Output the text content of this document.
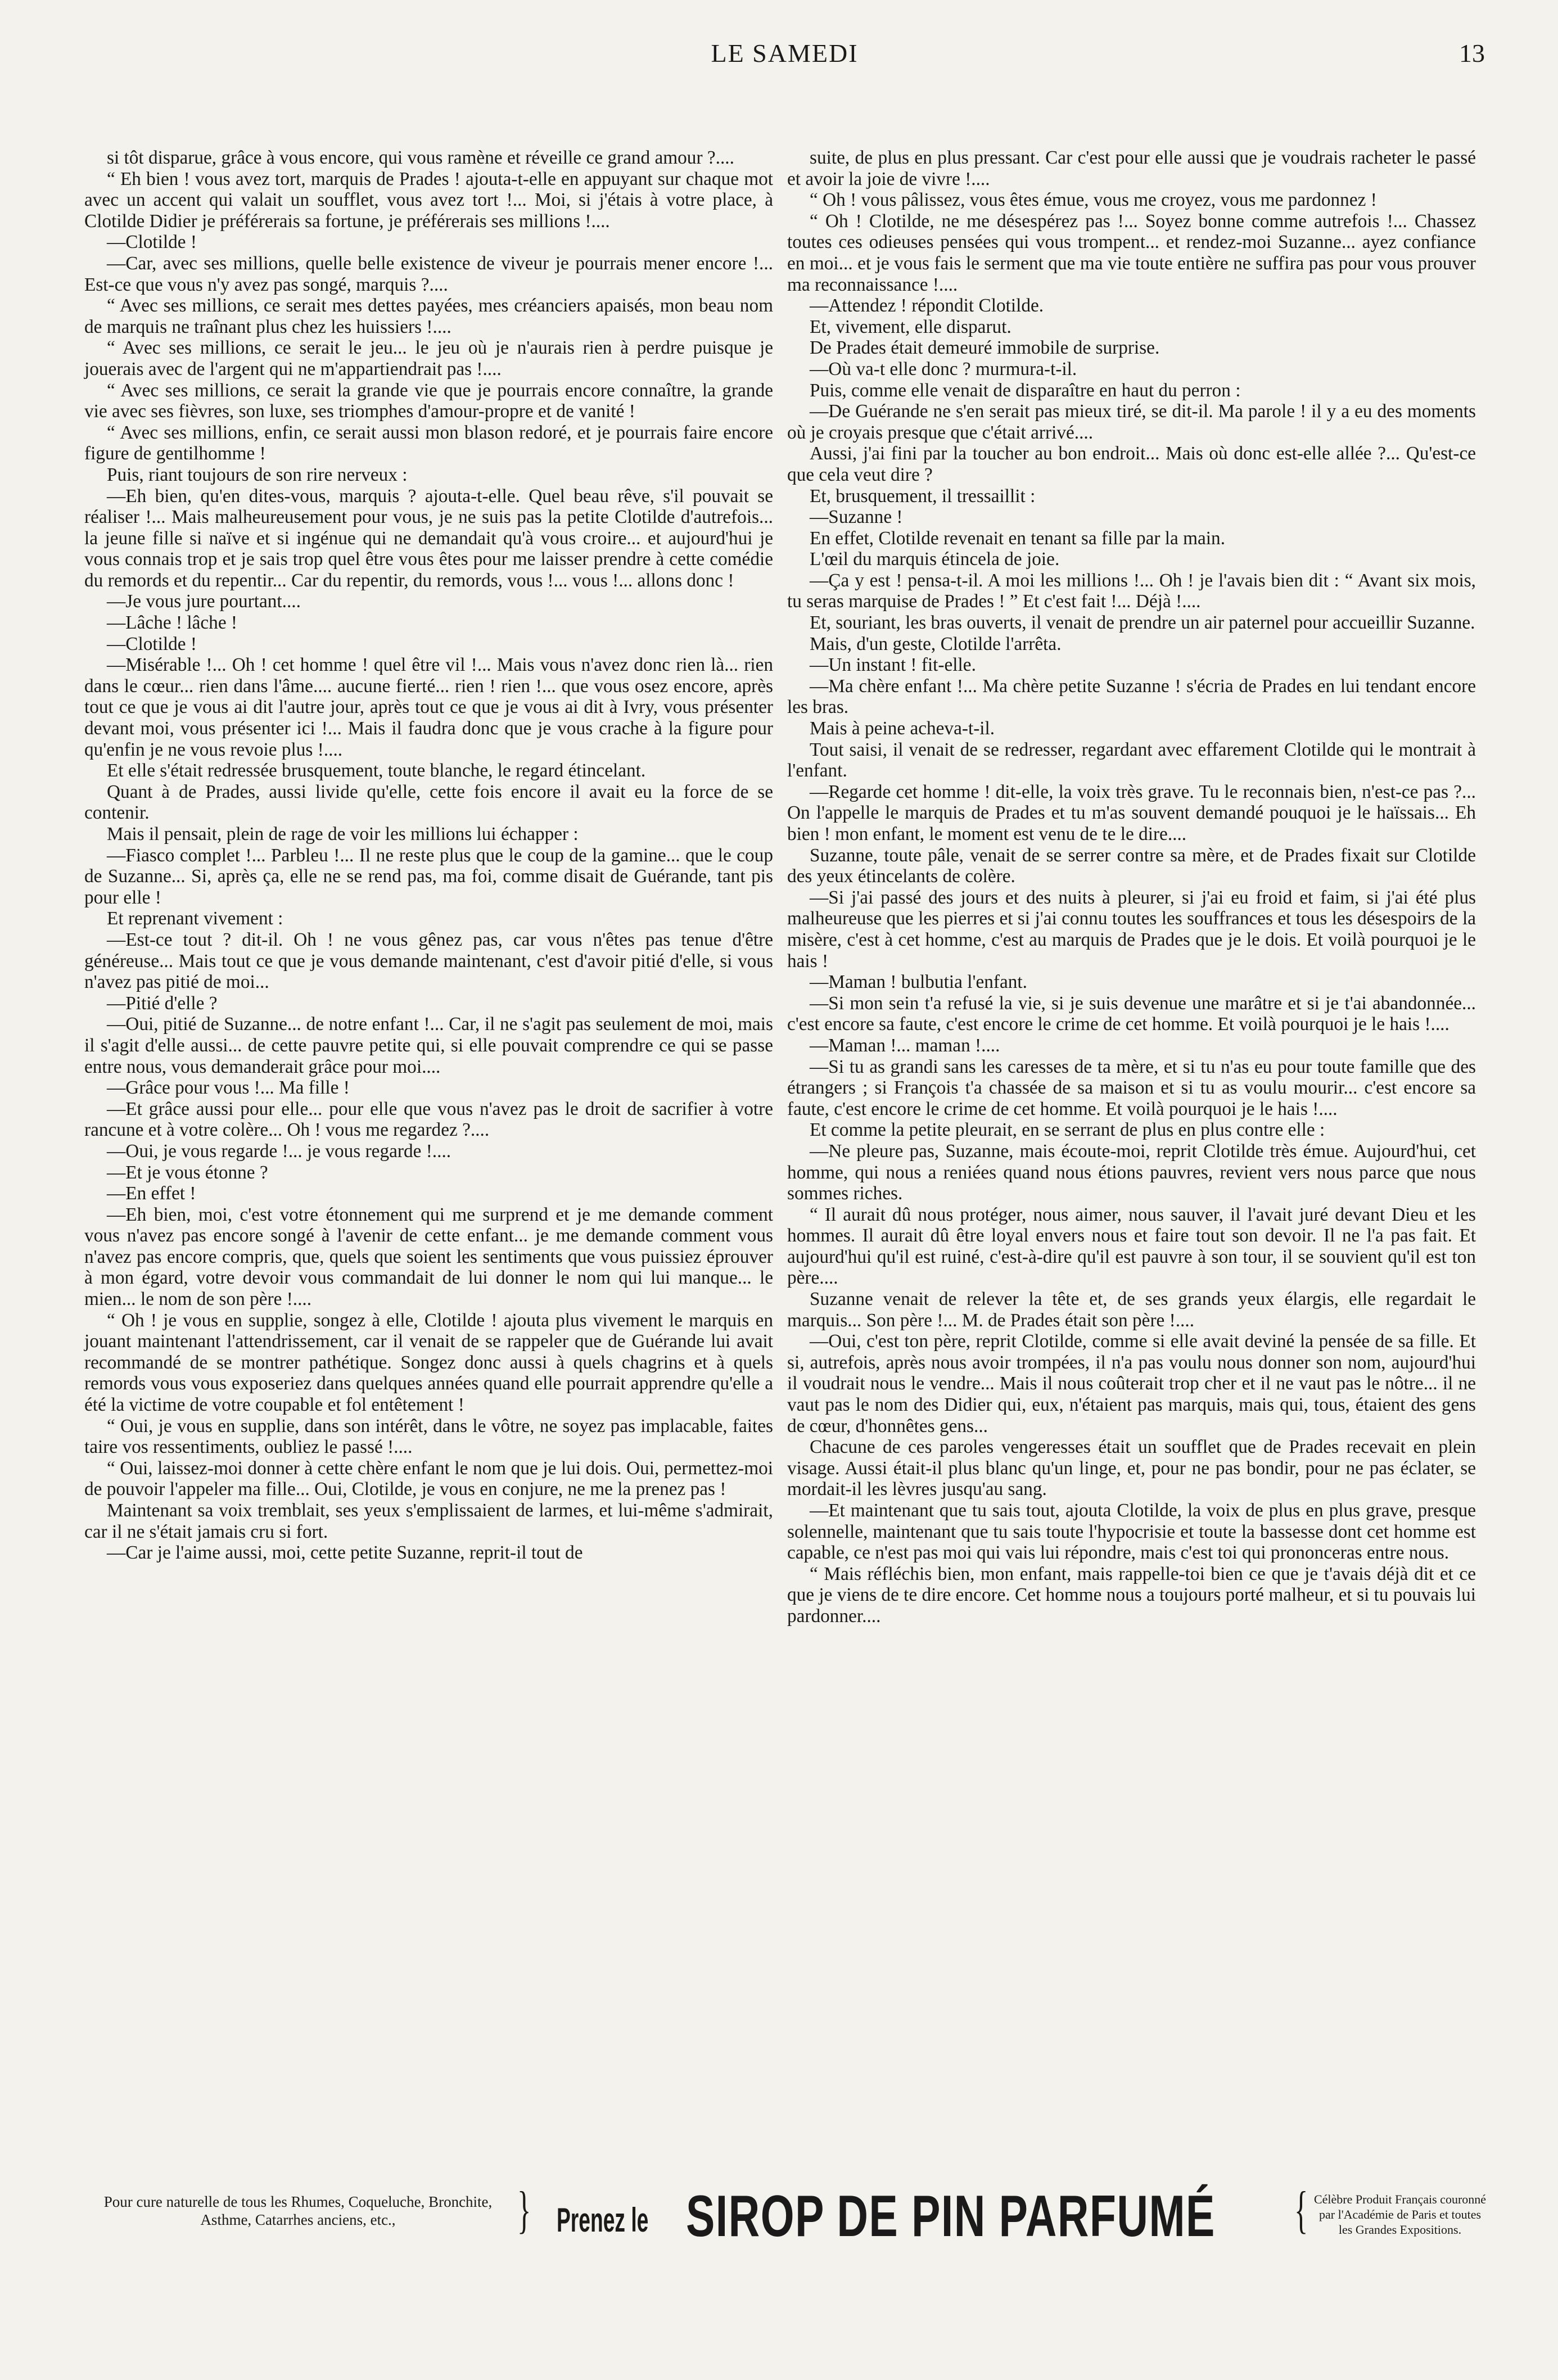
LE SAMEDI	13

si tôt disparue, grâce à vous encore, qui vous ramène et réveille ce grand amour ?....

“ Eh bien ! vous avez tort, marquis de Prades ! ajouta-t-elle en appuyant sur chaque mot avec un accent qui valait un soufflet, vous avez tort !... Moi, si j'étais à votre place, à Clotilde Didier je préférerais sa fortune, je préférerais ses millions !....

—Clotilde !

—Car, avec ses millions, quelle belle existence de viveur je pourrais mener encore !... Est-ce que vous n'y avez pas songé, marquis ?....

“ Avec ses millions, ce serait mes dettes payées, mes créanciers apaisés, mon beau nom de marquis ne traînant plus chez les huissiers !....

“ Avec ses millions, ce serait le jeu... le jeu où je n'aurais rien à perdre puisque je jouerais avec de l'argent qui ne m'appartiendrait pas !....

“ Avec ses millions, ce serait la grande vie que je pourrais encore connaître, la grande vie avec ses fièvres, son luxe, ses triomphes d'amour-propre et de vanité !

“ Avec ses millions, enfin, ce serait aussi mon blason redoré, et je pourrais faire encore figure de gentilhomme !

Puis, riant toujours de son rire nerveux :

—Eh bien, qu'en dites-vous, marquis ? ajouta-t-elle. Quel beau rêve, s'il pouvait se réaliser !... Mais malheureusement pour vous, je ne suis pas la petite Clotilde d'autrefois... la jeune fille si naïve et si ingénue qui ne demandait qu'à vous croire... et aujourd'hui je vous connais trop et je sais trop quel être vous êtes pour me laisser prendre à cette comédie du remords et du repentir... Car du repentir, du remords, vous !... vous !... allons donc !

—Je vous jure pourtant....

—Lâche ! lâche !

—Clotilde !

—Misérable !... Oh ! cet homme ! quel être vil !... Mais vous n'avez donc rien là... rien dans le cœur... rien dans l'âme.... aucune fierté... rien ! rien !... que vous osez encore, après tout ce que je vous ai dit l'autre jour, après tout ce que je vous ai dit à Ivry, vous présenter devant moi, vous présenter ici !... Mais il faudra donc que je vous crache à la figure pour qu'enfin je ne vous revoie plus !....

Et elle s'était redressée brusquement, toute blanche, le regard étincelant.

Quant à de Prades, aussi livide qu'elle, cette fois encore il avait eu la force de se contenir.

Mais il pensait, plein de rage de voir les millions lui échapper :

—Fiasco complet !... Parbleu !... Il ne reste plus que le coup de la gamine... que le coup de Suzanne... Si, après ça, elle ne se rend pas, ma foi, comme disait de Guérande, tant pis pour elle !

Et reprenant vivement :

—Est-ce tout ? dit-il. Oh ! ne vous gênez pas, car vous n'êtes pas tenue d'être généreuse... Mais tout ce que je vous demande maintenant, c'est d'avoir pitié d'elle, si vous n'avez pas pitié de moi...

—Pitié d'elle ?

—Oui, pitié de Suzanne... de notre enfant !... Car, il ne s'agit pas seulement de moi, mais il s'agit d'elle aussi... de cette pauvre petite qui, si elle pouvait comprendre ce qui se passe entre nous, vous demanderait grâce pour moi....

—Grâce pour vous !... Ma fille !

—Et grâce aussi pour elle... pour elle que vous n'avez pas le droit de sacrifier à votre rancune et à votre colère... Oh ! vous me regardez ?....

—Oui, je vous regarde !... je vous regarde !....

—Et je vous étonne ?

—En effet !

—Eh bien, moi, c'est votre étonnement qui me surprend et je me demande comment vous n'avez pas encore songé à l'avenir de cette enfant... je me demande comment vous n'avez pas encore compris, que, quels que soient les sentiments que vous puissiez éprouver à mon égard, votre devoir vous commandait de lui donner le nom qui lui manque... le mien... le nom de son père !....

“ Oh ! je vous en supplie, songez à elle, Clotilde ! ajouta plus vivement le marquis en jouant maintenant l'attendrissement, car il venait de se rappeler que de Guérande lui avait recommandé de se montrer pathétique. Songez donc aussi à quels chagrins et à quels remords vous vous exposeriez dans quelques années quand elle pourrait apprendre qu'elle a été la victime de votre coupable et fol entêtement !

“ Oui, je vous en supplie, dans son intérêt, dans le vôtre, ne soyez pas implacable, faites taire vos ressentiments, oubliez le passé !....

“ Oui, laissez-moi donner à cette chère enfant le nom que je lui dois. Oui, permettez-moi de pouvoir l'appeler ma fille... Oui, Clotilde, je vous en conjure, ne me la prenez pas !

Maintenant sa voix tremblait, ses yeux s'emplissaient de larmes, et lui-même s'admirait, car il ne s'était jamais cru si fort.

—Car je l'aime aussi, moi, cette petite Suzanne, reprit-il tout de

suite, de plus en plus pressant. Car c'est pour elle aussi que je voudrais racheter le passé et avoir la joie de vivre !....

“ Oh ! vous pâlissez, vous êtes émue, vous me croyez, vous me pardonnez !

“ Oh ! Clotilde, ne me désespérez pas !... Soyez bonne comme autrefois !... Chassez toutes ces odieuses pensées qui vous trompent... et rendez-moi Suzanne... ayez confiance en moi... et je vous fais le serment que ma vie toute entière ne suffira pas pour vous prouver ma reconnaissance !....

—Attendez ! répondit Clotilde.

Et, vivement, elle disparut.

De Prades était demeuré immobile de surprise.

—Où va-t elle donc ? murmura-t-il.

Puis, comme elle venait de disparaître en haut du perron :

—De Guérande ne s'en serait pas mieux tiré, se dit-il. Ma parole ! il y a eu des moments où je croyais presque que c'était arrivé....

Aussi, j'ai fini par la toucher au bon endroit... Mais où donc est-elle allée ?... Qu'est-ce que cela veut dire ?

Et, brusquement, il tressaillit :

—Suzanne !

En effet, Clotilde revenait en tenant sa fille par la main.

L'œil du marquis étincela de joie.

—Ça y est ! pensa-t-il. A moi les millions !... Oh ! je l'avais bien dit : “ Avant six mois, tu seras marquise de Prades ! ” Et c'est fait !... Déjà !....

Et, souriant, les bras ouverts, il venait de prendre un air paternel pour accueillir Suzanne.

Mais, d'un geste, Clotilde l'arrêta.

—Un instant ! fit-elle.

—Ma chère enfant !... Ma chère petite Suzanne ! s'écria de Prades en lui tendant encore les bras.

Mais à peine acheva-t-il.

Tout saisi, il venait de se redresser, regardant avec effarement Clotilde qui le montrait à l'enfant.

—Regarde cet homme ! dit-elle, la voix très grave. Tu le reconnais bien, n'est-ce pas ?... On l'appelle le marquis de Prades et tu m'as souvent demandé pouquoi je le haïssais... Eh bien ! mon enfant, le moment est venu de te le dire....

Suzanne, toute pâle, venait de se serrer contre sa mère, et de Prades fixait sur Clotilde des yeux étincelants de colère.

—Si j'ai passé des jours et des nuits à pleurer, si j'ai eu froid et faim, si j'ai été plus malheureuse que les pierres et si j'ai connu toutes les souffrances et tous les désespoirs de la misère, c'est à cet homme, c'est au marquis de Prades que je le dois. Et voilà pourquoi je le hais !

—Maman ! bulbutia l'enfant.

—Si mon sein t'a refusé la vie, si je suis devenue une marâtre et si je t'ai abandonnée... c'est encore sa faute, c'est encore le crime de cet homme. Et voilà pourquoi je le hais !....

—Maman !... maman !....

—Si tu as grandi sans les caresses de ta mère, et si tu n'as eu pour toute famille que des étrangers ; si François t'a chassée de sa maison et si tu as voulu mourir... c'est encore sa faute, c'est encore le crime de cet homme. Et voilà pourquoi je le hais !....

Et comme la petite pleurait, en se serrant de plus en plus contre elle :

—Ne pleure pas, Suzanne, mais écoute-moi, reprit Clotilde très émue. Aujourd'hui, cet homme, qui nous a reniées quand nous étions pauvres, revient vers nous parce que nous sommes riches.

“ Il aurait dû nous protéger, nous aimer, nous sauver, il l'avait juré devant Dieu et les hommes. Il aurait dû être loyal envers nous et faire tout son devoir. Il ne l'a pas fait. Et aujourd'hui qu'il est ruiné, c'est-à-dire qu'il est pauvre à son tour, il se souvient qu'il est ton père....

Suzanne venait de relever la tête et, de ses grands yeux élargis, elle regardait le marquis... Son père !... M. de Prades était son père !....

—Oui, c'est ton père, reprit Clotilde, comme si elle avait deviné la pensée de sa fille. Et si, autrefois, après nous avoir trompées, il n'a pas voulu nous donner son nom, aujourd'hui il voudrait nous le vendre... Mais il nous coûterait trop cher et il ne vaut pas le nôtre... il ne vaut pas le nom des Didier qui, eux, n'étaient pas marquis, mais qui, tous, étaient des gens de cœur, d'honnêtes gens...

Chacune de ces paroles vengeresses était un soufflet que de Prades recevait en plein visage. Aussi était-il plus blanc qu'un linge, et, pour ne pas bondir, pour ne pas éclater, se mordait-il les lèvres jusqu'au sang.

—Et maintenant que tu sais tout, ajouta Clotilde, la voix de plus en plus grave, presque solennelle, maintenant que tu sais toute l'hypocrisie et toute la bassesse dont cet homme est capable, ce n'est pas moi qui vais lui répondre, mais c'est toi qui prononceras entre nous.

“ Mais réfléchis bien, mon enfant, mais rappelle-toi bien ce que je t'avais déjà dit et ce que je viens de te dire encore. Cet homme nous a toujours porté malheur, et si tu pouvais lui pardonner....

Pour cure naturelle de tous les Rhumes, Coqueluche, Bronchite, Asthme, Catarrhes anciens, etc.,	} Prenez le SIROP DE PIN PARFUMÉ { Célèbre Produit Français couronné par l'Académie de Paris et toutes les Grandes Expositions.
